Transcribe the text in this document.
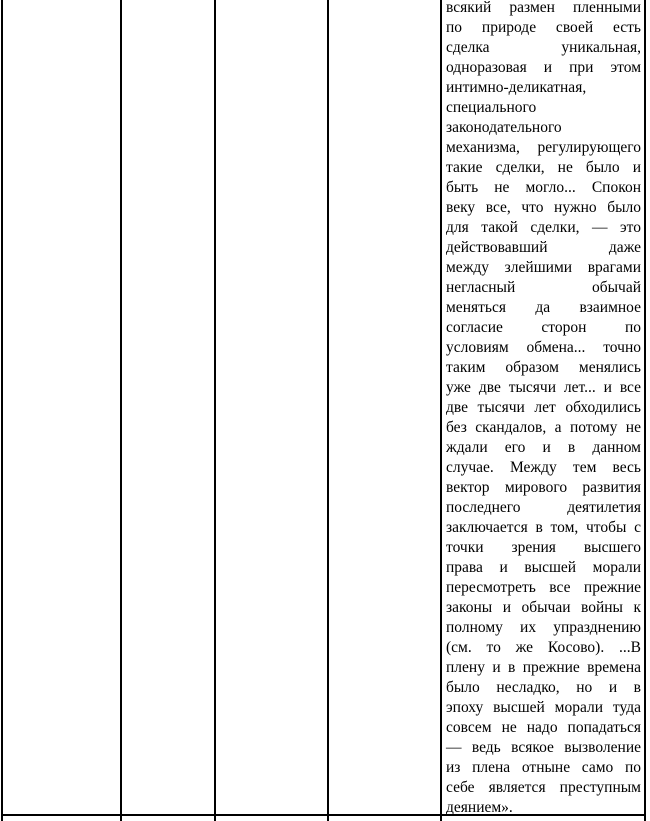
всякий размен пленными
по природе своей есть
сделка уникальная,
одноразовая и при этом
интимно-деликатная,
специального
законодательного
механизма, регулирующего
такие сделки, не было и
быть не могло... Спокон
веку все, что нужно было
для такой сделки, — это
действовавший даже
между злейшими врагами
негласный обычай
меняться да взаимное
согласие сторон по
условиям обмена... точно
таким образом менялись
уже две тысячи лет... и все
две тысячи лет обходились
без скандалов, а потому не
ждали его и в данном
случае. Между тем весь
вектор мирового развития
последнего деятилетия
заключается в том, чтобы с
точки зрения высшего
права и высшей морали
пересмотреть все прежние
законы и обычаи войны к
полному их упразднению
(см. то же Косово). ...В
плену и в прежние времена
было несладко, но и в
эпоху высшей морали туда
совсем не надо попадаться
— ведь всякое вызволение
из плена отныне само по
себе является преступным
деянием».
